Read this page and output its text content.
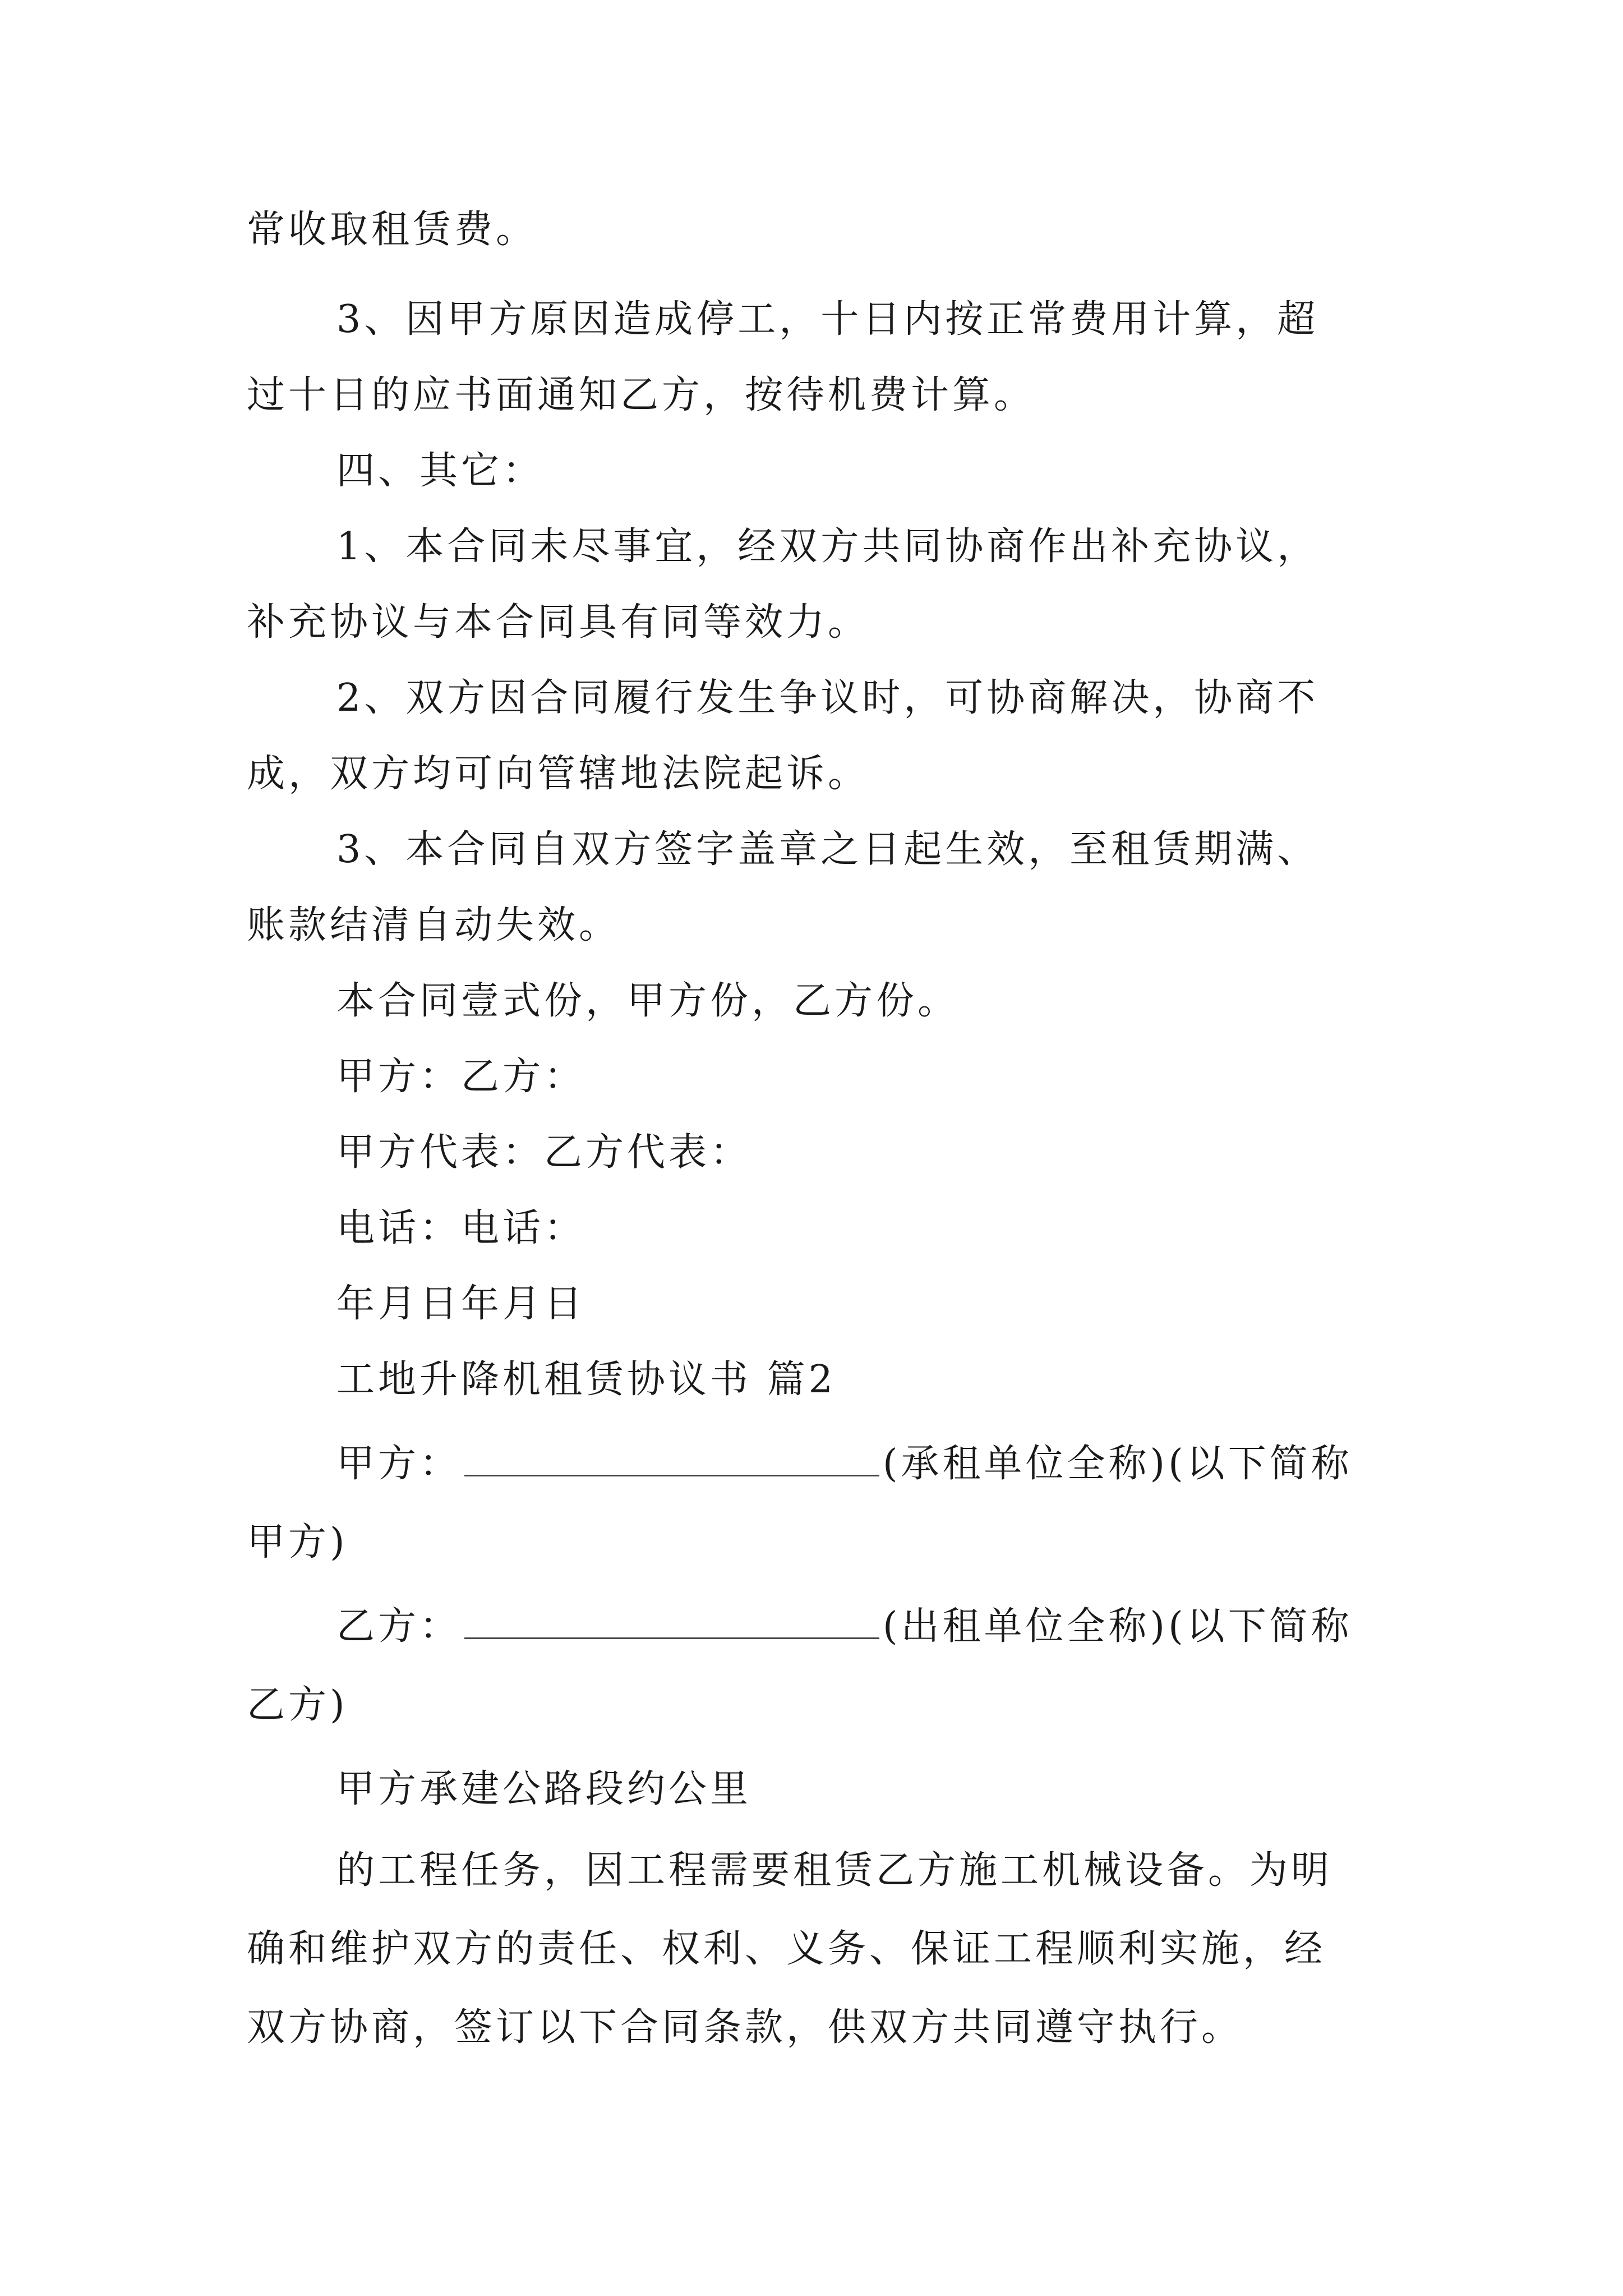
常收取租赁费。
3、因甲方原因造成停工，十日内按正常费用计算，超
过十日的应书面通知乙方，按待机费计算。
四、其它：
1、本合同未尽事宜，经双方共同协商作出补充协议，
补充协议与本合同具有同等效力。
2、双方因合同履行发生争议时，可协商解决，协商不
成，双方均可向管辖地法院起诉。
3、本合同自双方签字盖章之日起生效，至租赁期满、
账款结清自动失效。
本合同壹式份，甲方份，乙方份。
甲方：乙方：
甲方代表：乙方代表：
电话：电话：
年月日年月日
工地升降机租赁协议书 篇2
甲方：	(承租单位全称)(以下简称
甲方)
乙方：	(出租单位全称)(以下简称
乙方)
甲方承建公路段约公里
的工程任务，因工程需要租赁乙方施工机械设备。为明
确和维护双方的责任、权利、义务、保证工程顺利实施，经
双方协商，签订以下合同条款，供双方共同遵守执行。
